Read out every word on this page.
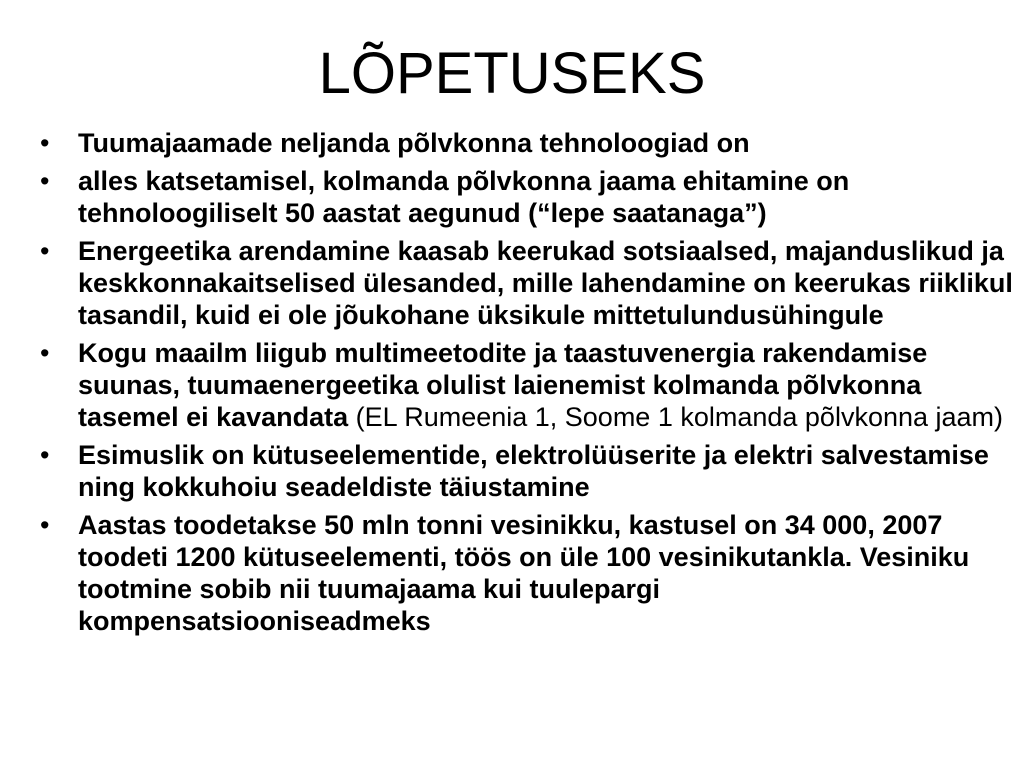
LÕPETUSEKS
•	Tuumajaamade neljanda põlvkonna tehnoloogiad on
•	alles katsetamisel, kolmanda põlvkonna jaama ehitamine on tehnoloogiliselt 50 aastat aegunud (“lepe saatanaga”)
•	Energeetika arendamine kaasab keerukad sotsiaalsed, majanduslikud ja keskkonnakaitselised ülesanded, mille lahendamine on keerukas riiklikul tasandil, kuid ei ole jõukohane üksikule mittetulundusühingule
•	Kogu maailm liigub multimeetodite ja taastuvenergia rakendamise suunas, tuumaenergeetika olulist laienemist kolmanda põlvkonna tasemel ei kavandata (EL Rumeenia 1, Soome 1 kolmanda põlvkonna jaam)
•	Esimuslik on kütuseelementide, elektrolüüserite ja elektri salvestamise ning kokkuhoiu seadeldiste täiustamine
•	Aastas toodetakse 50 mln tonni vesinikku, kastusel on 34 000, 2007 toodeti 1200 kütuseelementi, töös on üle 100 vesinikutankla. Vesiniku tootmine sobib nii tuumajaama kui tuulepargi kompensatsiooniseadmeks
